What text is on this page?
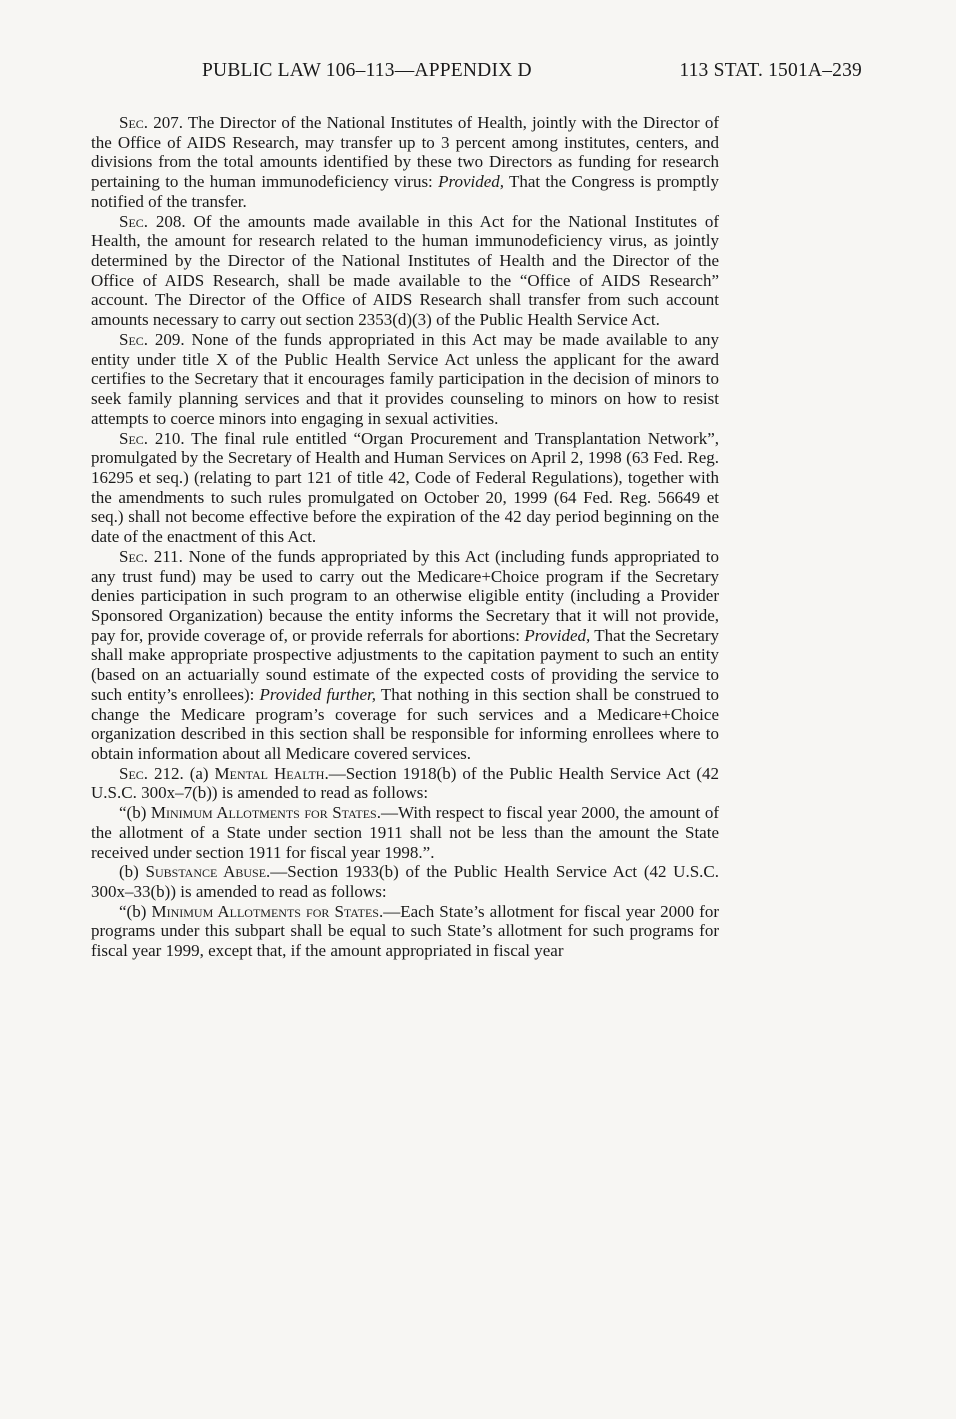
PUBLIC LAW 106–113—APPENDIX D	113 STAT. 1501A–239

Sec. 207. The Director of the National Institutes of Health, jointly with the Director of the Office of AIDS Research, may transfer up to 3 percent among institutes, centers, and divisions from the total amounts identified by these two Directors as funding for research pertaining to the human immunodeficiency virus: Provided, That the Congress is promptly notified of the transfer.

Sec. 208. Of the amounts made available in this Act for the National Institutes of Health, the amount for research related to the human immunodeficiency virus, as jointly determined by the Director of the National Institutes of Health and the Director of the Office of AIDS Research, shall be made available to the “Office of AIDS Research” account. The Director of the Office of AIDS Research shall transfer from such account amounts necessary to carry out section 2353(d)(3) of the Public Health Service Act.

Sec. 209. None of the funds appropriated in this Act may be made available to any entity under title X of the Public Health Service Act unless the applicant for the award certifies to the Secretary that it encourages family participation in the decision of minors to seek family planning services and that it provides counseling to minors on how to resist attempts to coerce minors into engaging in sexual activities.

Sec. 210. The final rule entitled “Organ Procurement and Transplantation Network”, promulgated by the Secretary of Health and Human Services on April 2, 1998 (63 Fed. Reg. 16295 et seq.) (relating to part 121 of title 42, Code of Federal Regulations), together with the amendments to such rules promulgated on October 20, 1999 (64 Fed. Reg. 56649 et seq.) shall not become effective before the expiration of the 42 day period beginning on the date of the enactment of this Act.

Sec. 211. None of the funds appropriated by this Act (including funds appropriated to any trust fund) may be used to carry out the Medicare+Choice program if the Secretary denies participation in such program to an otherwise eligible entity (including a Provider Sponsored Organization) because the entity informs the Secretary that it will not provide, pay for, provide coverage of, or provide referrals for abortions: Provided, That the Secretary shall make appropriate prospective adjustments to the capitation payment to such an entity (based on an actuarially sound estimate of the expected costs of providing the service to such entity’s enrollees): Provided further, That nothing in this section shall be construed to change the Medicare program’s coverage for such services and a Medicare+Choice organization described in this section shall be responsible for informing enrollees where to obtain information about all Medicare covered services.

Sec. 212. (a) Mental Health.—Section 1918(b) of the Public Health Service Act (42 U.S.C. 300x–7(b)) is amended to read as follows:

“(b) Minimum Allotments for States.—With respect to fiscal year 2000, the amount of the allotment of a State under section 1911 shall not be less than the amount the State received under section 1911 for fiscal year 1998.”.

(b) Substance Abuse.—Section 1933(b) of the Public Health Service Act (42 U.S.C. 300x–33(b)) is amended to read as follows:

“(b) Minimum Allotments for States.—Each State’s allotment for fiscal year 2000 for programs under this subpart shall be equal to such State’s allotment for such programs for fiscal year 1999, except that, if the amount appropriated in fiscal year
